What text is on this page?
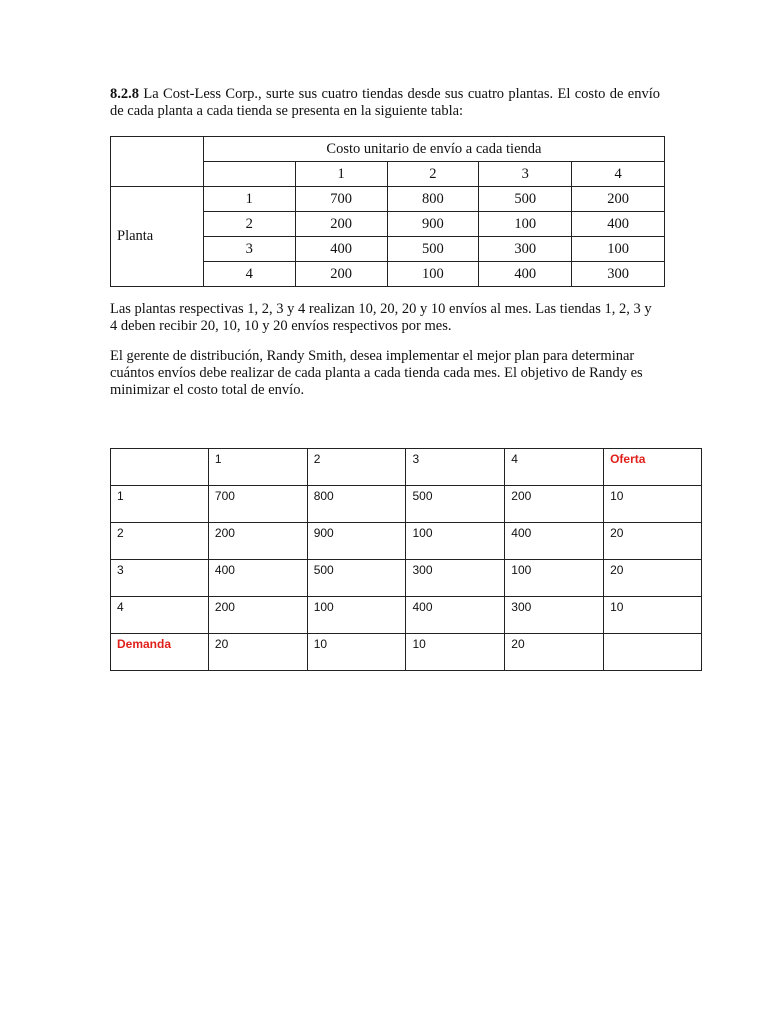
8.2.8 La Cost-Less Corp., surte sus cuatro tiendas desde sus cuatro plantas. El costo de envío de cada planta a cada tienda se presenta en la siguiente tabla:
	Costo unitario de envío a cada tienda				
		1	2	3	4
Planta	1	700	800	500	200
	2	200	900	100	400
	3	400	500	300	100
	4	200	100	400	300
Las plantas respectivas 1, 2, 3 y 4 realizan 10, 20, 20 y 10 envíos al mes. Las tiendas 1, 2, 3 y 4 deben recibir 20, 10, 10 y 20 envíos respectivos por mes.
El gerente de distribución, Randy Smith, desea implementar el mejor plan para determinar cuántos envíos debe realizar de cada planta a cada tienda cada mes. El objetivo de Randy es minimizar el costo total de envío.
	1	2	3	4	Oferta
1	700	800	500	200	10
2	200	900	100	400	20
3	400	500	300	100	20
4	200	100	400	300	10
Demanda	20	10	10	20	
